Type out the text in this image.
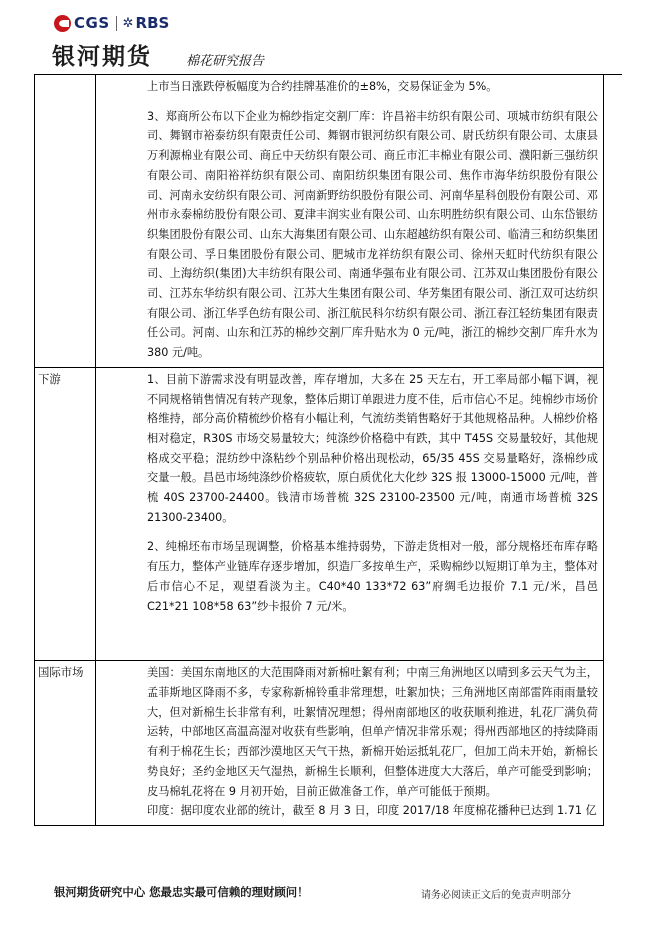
CGS ✲ RBS
银河期货	棉花研究报告

	上市当日涨跌停板幅度为合约挂牌基准价的±8%，交易保证金为 5%。

3、郑商所公布以下企业为棉纱指定交割厂库：许昌裕丰纺织有限公司、项城市纺织有限公司、舞钢市裕泰纺织有限责任公司、舞钢市银河纺织有限公司、尉氏纺织有限公司、太康县万利源棉业有限公司、商丘中天纺织有限公司、商丘市汇丰棉业有限公司、濮阳新三强纺织有限公司、南阳裕祥纺织有限公司、南阳纺织集团有限公司、焦作市海华纺织股份有限公司、河南永安纺织有限公司、河南新野纺织股份有限公司、河南华星科创股份有限公司、邓州市永泰棉纺股份有限公司、夏津丰润实业有限公司、山东明胜纺织有限公司、山东岱银纺织集团股份有限公司、山东大海集团有限公司、山东超越纺织有限公司、临清三和纺织集团有限公司、孚日集团股份有限公司、肥城市龙祥纺织有限公司、徐州天虹时代纺织有限公司、上海纺织(集团)大丰纺织有限公司、南通华强布业有限公司、江苏双山集团股份有限公司、江苏东华纺织有限公司、江苏大生集团有限公司、华芳集团有限公司、浙江双可达纺织有限公司、浙江华孚色纺有限公司、浙江航民科尔纺织有限公司、浙江春江轻纺集团有限责任公司。河南、山东和江苏的棉纱交割厂库升贴水为 0 元/吨，浙江的棉纱交割厂库升水为 380 元/吨。

下游	1、目前下游需求没有明显改善，库存增加，大多在 25 天左右，开工率局部小幅下调，视不同规格销售情况有转产现象，整体后期订单跟进力度不佳，后市信心不足。纯棉纱市场价格维持，部分高价精梳纱价格有小幅让利，气流纺类销售略好于其他规格品种。人棉纱价格相对稳定，R30S 市场交易量较大；纯涤纱价格稳中有跌，其中 T45S 交易量较好，其他规格成交平稳；混纺纱中涤粘纱个别品种价格出现松动，65/35 45S 交易量略好，涤棉纱成交量一般。昌邑市场纯涤纱价格疲软，原白质优化大化纱 32S 报 13000-15000 元/吨，普梳 40S 23700-24400。钱清市场普梳 32S 23100-23500 元/吨，南通市场普梳 32S 21300-23400。

2、纯棉坯布市场呈现调整，价格基本维持弱势，下游走货相对一般，部分规格坯布库存略有压力，整体产业链库存逐步增加，织造厂多按单生产，采购棉纱以短期订单为主，整体对后市信心不足，观望看淡为主。C40*40 133*72 63”府绸毛边报价 7.1 元/米，昌邑 C21*21 108*58 63”纱卡报价 7 元/米。

国际市场	美国：美国东南地区的大范围降雨对新棉吐絮有利；中南三角洲地区以晴到多云天气为主，孟菲斯地区降雨不多，专家称新棉铃重非常理想，吐絮加快；三角洲地区南部雷阵雨雨量较大，但对新棉生长非常有利，吐絮情况理想；得州南部地区的收获顺利推进，轧花厂满负荷运转，中部地区高温高湿对收获有些影响，但单产情况非常乐观；得州西部地区的持续降雨有利于棉花生长；西部沙漠地区天气干热，新棉开始运抵轧花厂，但加工尚未开始，新棉长势良好；圣约金地区天气湿热，新棉生长顺利，但整体进度大大落后，单产可能受到影响；皮马棉轧花将在 9 月初开始，目前正做准备工作，单产可能低于预期。

印度：据印度农业部的统计，截至 8 月 3 日，印度 2017/18 年度棉花播种已达到 1.71 亿

银河期货研究中心 您最忠实最可信赖的理财顾问！	请务必阅读正文后的免责声明部分
